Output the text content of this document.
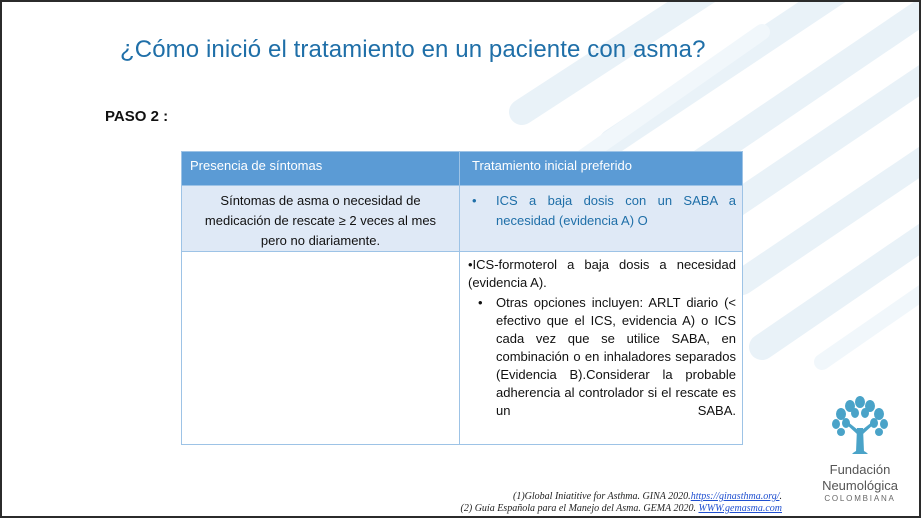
¿Cómo inició el tratamiento en un paciente con asma?
PASO 2 :
Presencia de síntomas	Tratamiento inicial preferido

Síntomas de asma o necesidad de medicación de rescate ≥ 2 veces al mes pero no diariamente.	• ICS a baja dosis con un SABA a necesidad (evidencia A) O

	•ICS-formoterol a baja dosis a necesidad (evidencia A).

• Otras opciones incluyen: ARLT diario (< efectivo que el ICS, evidencia A) o ICS cada vez que se utilice SABA, en combinación o en inhaladores separados (Evidencia B).Considerar la probable adherencia al controlador si el rescate es un SABA.
Fundación
Neumológica
COLOMBIANA
(1)Global Iniatitive for Asthma. GINA 2020.https://ginasthma.org/.
(2) Guía Española para el Manejo del Asma. GEMA 2020. WWW.gemasma.com
